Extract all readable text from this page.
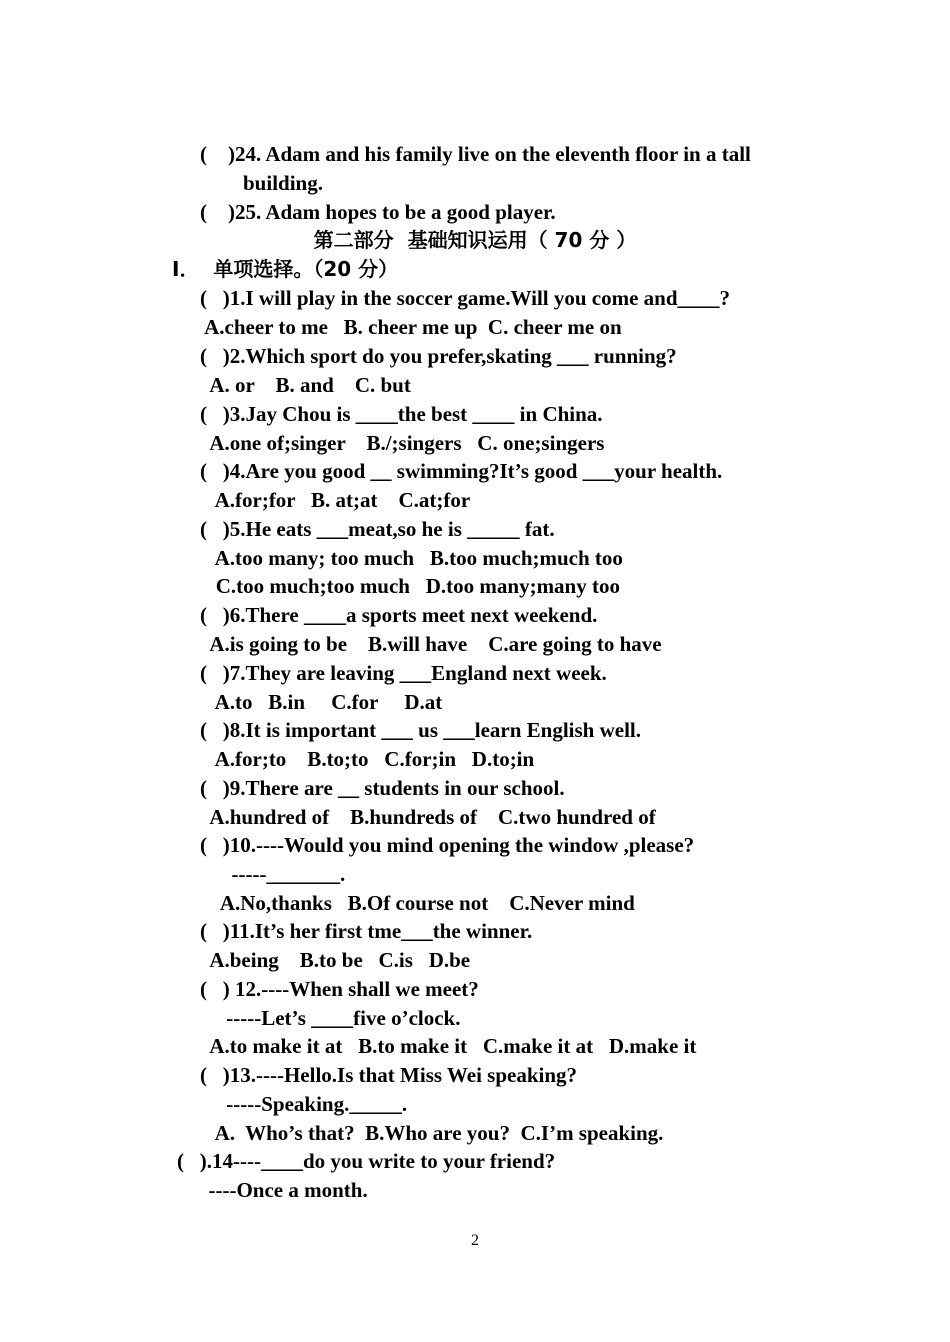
(    )24. Adam and his family live on the eleventh floor in a tall
building.
(    )25. Adam hopes to be a good player.
第二部分  基础知识运用（ 70 分 ）
Ⅰ．  单项选择。（20 分）
(   )1.I will play in the soccer game.Will you come and____?
A.cheer to me   B. cheer me up  C. cheer me on
(   )2.Which sport do you prefer,skating ___ running?
A. or    B. and    C. but
(   )3.Jay Chou is ____the best ____ in China.
A.one of;singer    B./;singers   C. one;singers
(   )4.Are you good __ swimming?It’s good ___your health.
A.for;for   B. at;at    C.at;for
(   )5.He eats ___meat,so he is _____ fat.
A.too many; too much   B.too much;much too
C.too much;too much   D.too many;many too
(   )6.There ____a sports meet next weekend.
A.is going to be    B.will have    C.are going to have
(   )7.They are leaving ___England next week.
A.to   B.in     C.for     D.at
(   )8.It is important ___ us ___learn English well.
A.for;to    B.to;to   C.for;in   D.to;in
(   )9.There are __ students in our school.
A.hundred of    B.hundreds of    C.two hundred of
(   )10.----Would you mind opening the window ,please?
-----_______.
A.No,thanks   B.Of course not    C.Never mind
(   )11.It’s her first tme___the winner.
A.being    B.to be   C.is   D.be
(   ) 12.----When shall we meet?
-----Let’s ____five o’clock.
A.to make it at   B.to make it   C.make it at   D.make it
(   )13.----Hello.Is that Miss Wei speaking?
-----Speaking._____.
A.  Who’s that?  B.Who are you?  C.I’m speaking.
(   ).14----____do you write to your friend?
----Once a month.
2
